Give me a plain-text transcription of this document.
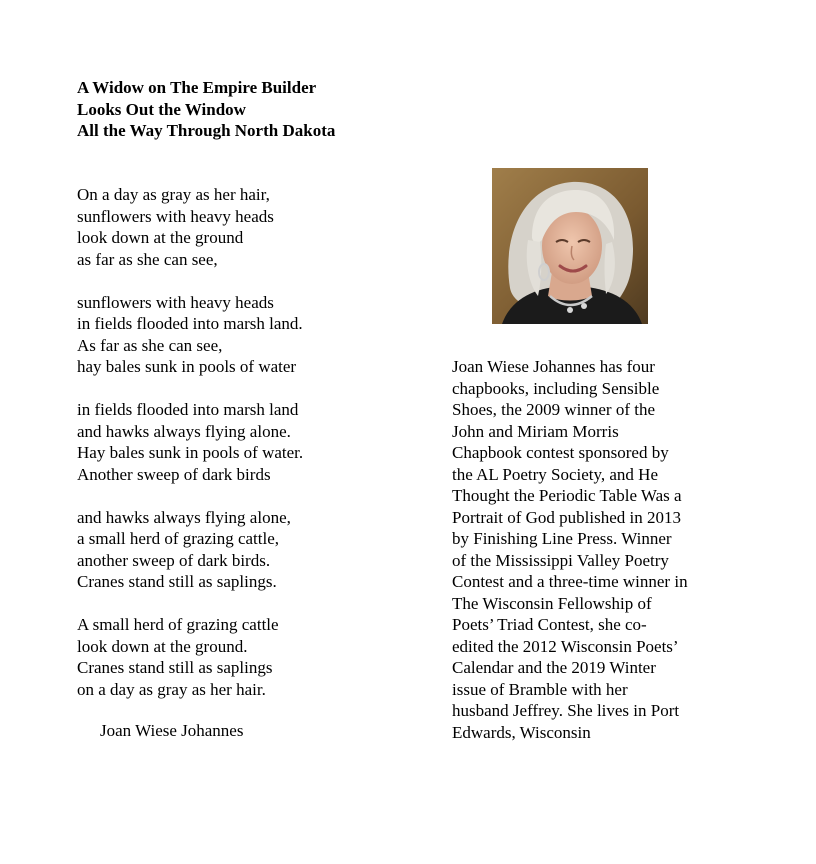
A Widow on The Empire Builder
Looks Out the Window
All the Way Through North Dakota
On a day as gray as her hair,
sunflowers with heavy heads
look down at the ground
as far as she can see,
sunflowers with heavy heads
in fields flooded into marsh land.
As far as she can see,
hay bales sunk in pools of water
in fields flooded into marsh land
and hawks always flying alone.
Hay bales sunk in pools of water.
Another sweep of dark birds
and hawks always flying alone,
a small herd of grazing cattle,
another sweep of dark birds.
Cranes stand still as saplings.
A small herd of grazing cattle
look down at the ground.
Cranes stand still as saplings
on a day as gray as her hair.
Joan Wiese Johannes
Joan Wiese Johannes has four
chapbooks, including Sensible
Shoes, the 2009 winner of the
John and Miriam Morris
Chapbook contest sponsored by
the AL Poetry Society, and He
Thought the Periodic Table Was a
Portrait of God published in 2013
by Finishing Line Press. Winner
of the Mississippi Valley Poetry
Contest and a three-time winner in
The Wisconsin Fellowship of
Poets’ Triad Contest, she co-
edited the 2012 Wisconsin Poets’
Calendar and the 2019 Winter
issue of Bramble with her
husband Jeffrey. She lives in Port
Edwards, Wisconsin
